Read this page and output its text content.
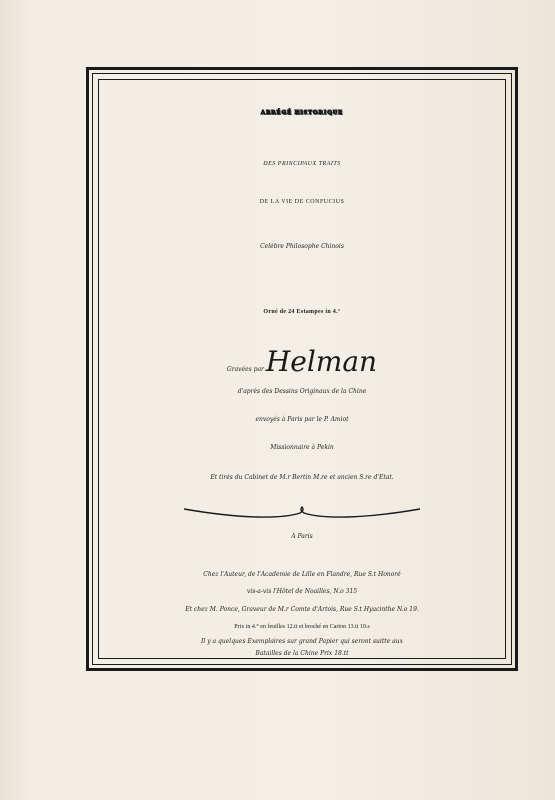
ABRÉGÉ HISTORIQUE
DES PRINCIPAUX TRAITS
DE LA VIE DE CONFUCIUS
Celèbre Philosophe Chinois
Orné de 24 Estampes in 4.°
Gravées par Helman
d'après des Dessins Originaux de la Chine
envoyés à Paris par le P. Amiot
Missionnaire à Pekin
Et tirés du Cabinet de M.r Bertin M.re et ancien S.re d'Etat.
A Paris
Chez l'Auteur, de l'Academie de Lille en Flandre, Rue S.t Honoré
vis-a-vis l'Hôtel de Noailles, N.o 315
Et chez M. Ponce, Graveur de M.r Comte d'Artois, Rue S.t Hyacinthe N.o 19.
Prix in 4.° en feuilles 12.tt et broché en Carton 13.tt 10.s
Il y a quelques Exemplaires sur grand Papier qui seront suitte aux
Batailles de la Chine Prix 18.tt
